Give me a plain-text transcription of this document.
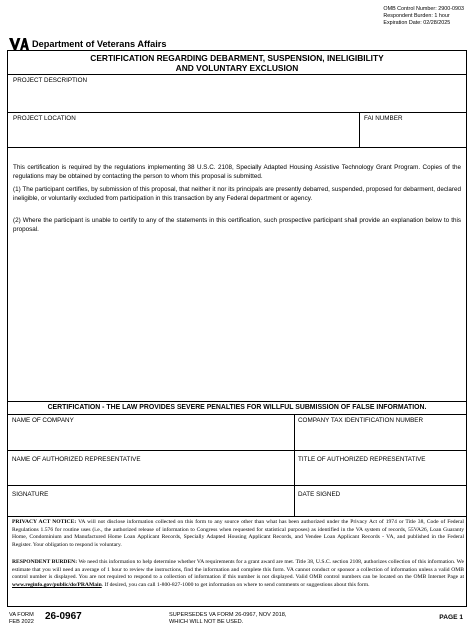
OMB Control Number: 2900-0903
Respondent Burden: 1 hour
Expiration Date: 02/28/2025
Department of Veterans Affairs
CERTIFICATION REGARDING DEBARMENT, SUSPENSION, INELIGIBILITY
AND VOLUNTARY EXCLUSION
PROJECT DESCRIPTION
PROJECT LOCATION	FAI NUMBER
This certification is required by the regulations implementing 38 U.S.C. 2108, Specially Adapted Housing Assistive Technology Grant Program. Copies of the regulations may be obtained by contacting the person to whom this proposal is submitted.
(1) The participant certifies, by submission of this proposal, that neither it nor its principals are presently debarred, suspended, proposed for debarment, declared ineligible, or voluntarily excluded from participation in this transaction by any Federal department or agency.
(2) Where the participant is unable to certify to any of the statements in this certification, such prospective participant shall provide an explanation below to this proposal.
CERTIFICATION - THE LAW PROVIDES SEVERE PENALTIES FOR WILLFUL SUBMISSION OF FALSE INFORMATION.
NAME OF COMPANY	COMPANY TAX IDENTIFICATION NUMBER
NAME OF AUTHORIZED REPRESENTATIVE	TITLE OF AUTHORIZED REPRESENTATIVE
SIGNATURE	DATE SIGNED
PRIVACY ACT NOTICE: VA will not disclose information collected on this form to any source other than what has been authorized under the Privacy Act of 1974 or Title 38, Code of Federal Regulations 1.576 for routine uses (i.e., the authorized release of information to Congress when requested for statistical purposes) as identified in the VA system of records, 55VA26, Loan Guaranty Home, Condominium and Manufactured Home Loan Applicant Records, Specially Adapted Housing Applicant Records, and Vendee Loan Applicant Records - VA, and published in the Federal Register. Your obligation to respond is voluntary.
RESPONDENT BURDEN: We need this information to help determine whether VA requirements for a grant award are met. Title 38, U.S.C. section 2108, authorizes collection of this information. We estimate that you will need an average of 1 hour to review the instructions, find the information and complete this form. VA cannot conduct or sponsor a collection of information unless a valid OMB control number is displayed. You are not required to respond to a collection of information if this number is not displayed. Valid OMB control numbers can be located on the OMB Internet Page at www.reginfo.gov/public/do/PRAMain. If desired, you can call 1-800-827-1000 to get information on where to send comments or suggestions about this form.
VA FORM
FEB 2022 26-0967	SUPERSEDES VA FORM 26-0967, NOV 2018,
WHICH WILL NOT BE USED.
PAGE 1
